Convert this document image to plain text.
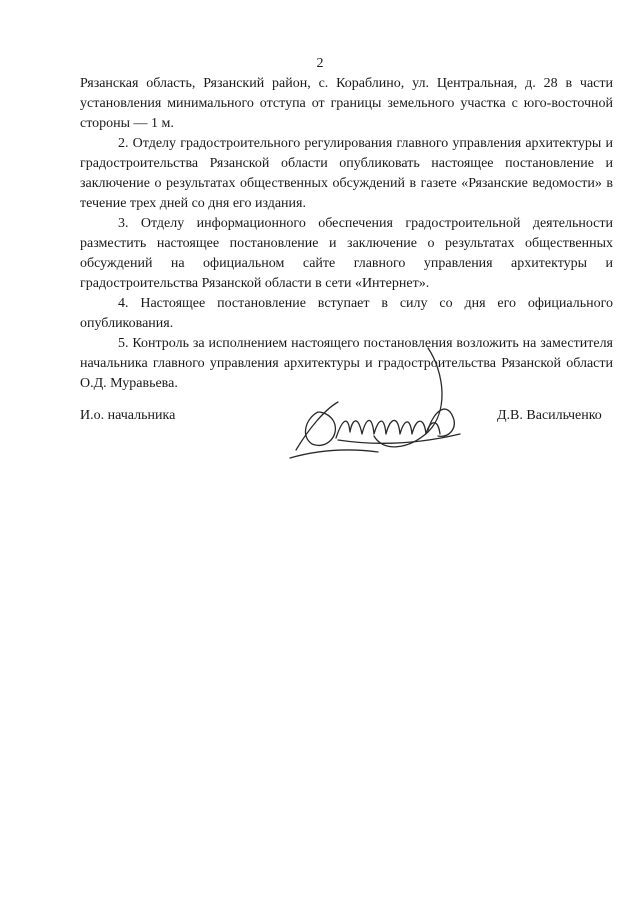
2

Рязанская область, Рязанский район, с. Кораблино, ул. Центральная, д. 28 в части установления минимального отступа от границы земельного участка с юго-восточной стороны — 1 м.

2. Отделу градостроительного регулирования главного управления архитектуры и градостроительства Рязанской области опубликовать настоящее постановление и заключение о результатах общественных обсуждений в газете «Рязанские ведомости» в течение трех дней со дня его издания.

3. Отделу информационного обеспечения градостроительной деятельности разместить настоящее постановление и заключение о результатах общественных обсуждений на официальном сайте главного управления архитектуры и градостроительства Рязанской области в сети «Интернет».

4. Настоящее постановление вступает в силу со дня его официального опубликования.

5. Контроль за исполнением настоящего постановления возложить на заместителя начальника главного управления архитектуры и градостроительства Рязанской области О.Д. Муравьева.

И.о. начальника	Д.В. Васильченко
